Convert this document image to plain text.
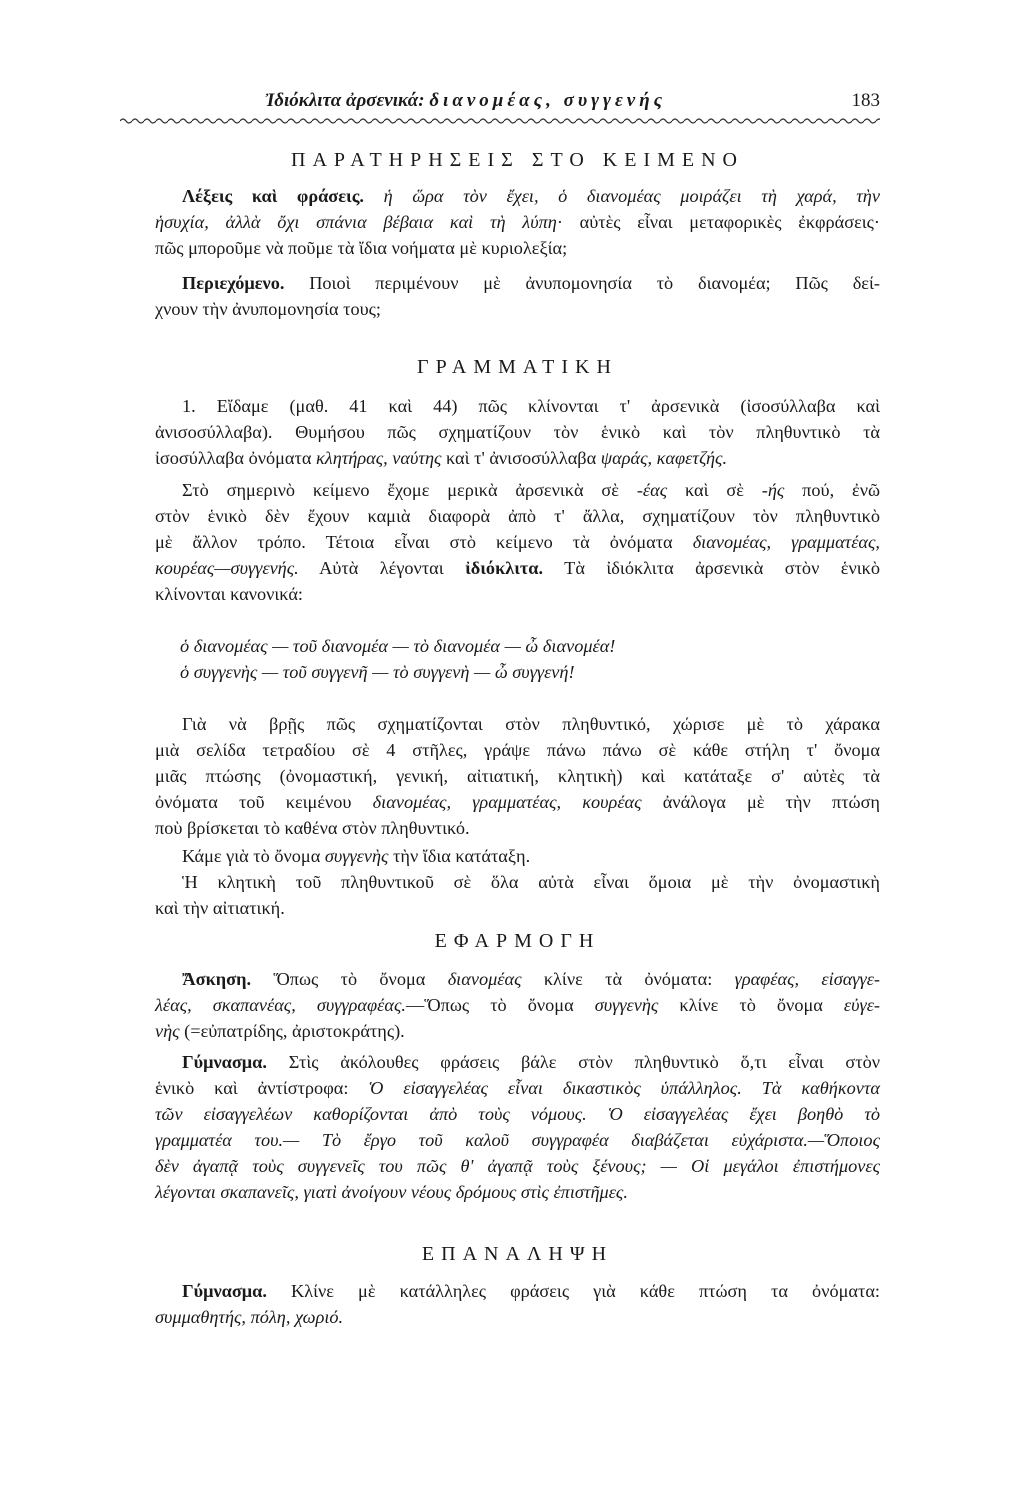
Ἰδιόκλιτα ἀρσενικά: διανομέας, συγγενής	183
ΠΑΡΑΤΗΡΗΣΕΙΣ ΣΤΟ ΚΕΙΜΕΝΟ
Λέξεις καὶ φράσεις. ἡ ὥρα τὸν ἔχει, ὁ διανομέας μοιράζει τὴ χαρά, τὴν
ἡσυχία, ἀλλὰ ὄχι σπάνια βέβαια καὶ τὴ λύπη· αὐτὲς εἶναι μεταφορικὲς ἐκφράσεις·
πῶς μποροῦμε νὰ ποῦμε τὰ ἴδια νοήματα μὲ κυριολεξία;
Περιεχόμενο. Ποιοὶ περιμένουν μὲ ἀνυπομονησία τὸ διανομέα; Πῶς δεί-
χνουν τὴν ἀνυπομονησία τους;
ΓΡΑΜΜΑΤΙΚΗ
1. Εἴδαμε (μαθ. 41 καὶ 44) πῶς κλίνονται τ' ἀρσενικὰ (ἰσοσύλλαβα καὶ
ἀνισοσύλλαβα). Θυμήσου πῶς σχηματίζουν τὸν ἑνικὸ καὶ τὸν πληθυντικὸ τὰ
ἰσοσύλλαβα ὀνόματα κλητήρας, ναύτης καὶ τ' ἀνισοσύλλαβα ψαράς, καφετζής.
Στὸ σημερινὸ κείμενο ἔχομε μερικὰ ἀρσενικὰ σὲ -έας καὶ σὲ -ής πού, ἐνῶ
στὸν ἑνικὸ δὲν ἔχουν καμιὰ διαφορὰ ἀπὸ τ' ἄλλα, σχηματίζουν τὸν πληθυντικὸ
μὲ ἄλλον τρόπο. Τέτοια εἶναι στὸ κείμενο τὰ ὀνόματα διανομέας, γραμματέας,
κουρέας—συγγενής. Αὐτὰ λέγονται ἰδιόκλιτα. Τὰ ἰδιόκλιτα ἀρσενικὰ στὸν ἑνικὸ
κλίνονται κανονικά:
ὁ διανομέας — τοῦ διανομέα — τὸ διανομέα — ὦ διανομέα!
ὁ συγγενὴς — τοῦ συγγενῆ — τὸ συγγενὴ — ὦ συγγενή!
Γιὰ νὰ βρῇς πῶς σχηματίζονται στὸν πληθυντικό, χώρισε μὲ τὸ χάρακα
μιὰ σελίδα τετραδίου σὲ 4 στῆλες, γράψε πάνω πάνω σὲ κάθε στήλη τ' ὄνομα
μιᾶς πτώσης (ὀνομαστική, γενική, αἰτιατική, κλητικὴ) καὶ κατάταξε σ' αὐτὲς τὰ
ὀνόματα τοῦ κειμένου διανομέας, γραμματέας, κουρέας ἀνάλογα μὲ τὴν πτώση
ποὺ βρίσκεται τὸ καθένα στὸν πληθυντικό.
Κάμε γιὰ τὸ ὄνομα συγγενὴς τὴν ἴδια κατάταξη.
Ἡ κλητικὴ τοῦ πληθυντικοῦ σὲ ὅλα αὐτὰ εἶναι ὅμοια μὲ τὴν ὀνομαστικὴ
καὶ τὴν αἰτιατική.
ΕΦΑΡΜΟΓΗ
Ἄσκηση. Ὅπως τὸ ὄνομα διανομέας κλίνε τὰ ὀνόματα: γραφέας, εἰσαγγε-
λέας, σκαπανέας, συγγραφέας.—Ὅπως τὸ ὄνομα συγγενὴς κλίνε τὸ ὄνομα εὐγε-
νὴς (=εὐπατρίδης, ἀριστοκράτης).
Γύμνασμα. Στὶς ἀκόλουθες φράσεις βάλε στὸν πληθυντικὸ ὅ,τι εἶναι στὸν
ἑνικὸ καὶ ἀντίστροφα: Ὁ εἰσαγγελέας εἶναι δικαστικὸς ὑπάλληλος. Τὰ καθήκοντα
τῶν εἰσαγγελέων καθορίζονται ἀπὸ τοὺς νόμους. Ὁ εἰσαγγελέας ἔχει βοηθὸ τὸ
γραμματέα του.— Τὸ ἔργο τοῦ καλοῦ συγγραφέα διαβάζεται εὐχάριστα.—Ὅποιος
δὲν ἀγαπᾷ τοὺς συγγενεῖς του πῶς θ' ἀγαπᾷ τοὺς ξένους; — Οἱ μεγάλοι ἐπιστήμονες
λέγονται σκαπανεῖς, γιατὶ ἀνοίγουν νέους δρόμους στὶς ἐπιστῆμες.
ΕΠΑΝΑΛΗΨΗ
Γύμνασμα. Κλίνε μὲ κατάλληλες φράσεις γιὰ κάθε πτώση τα ὀνόματα:
συμμαθητής, πόλη, χωριό.
